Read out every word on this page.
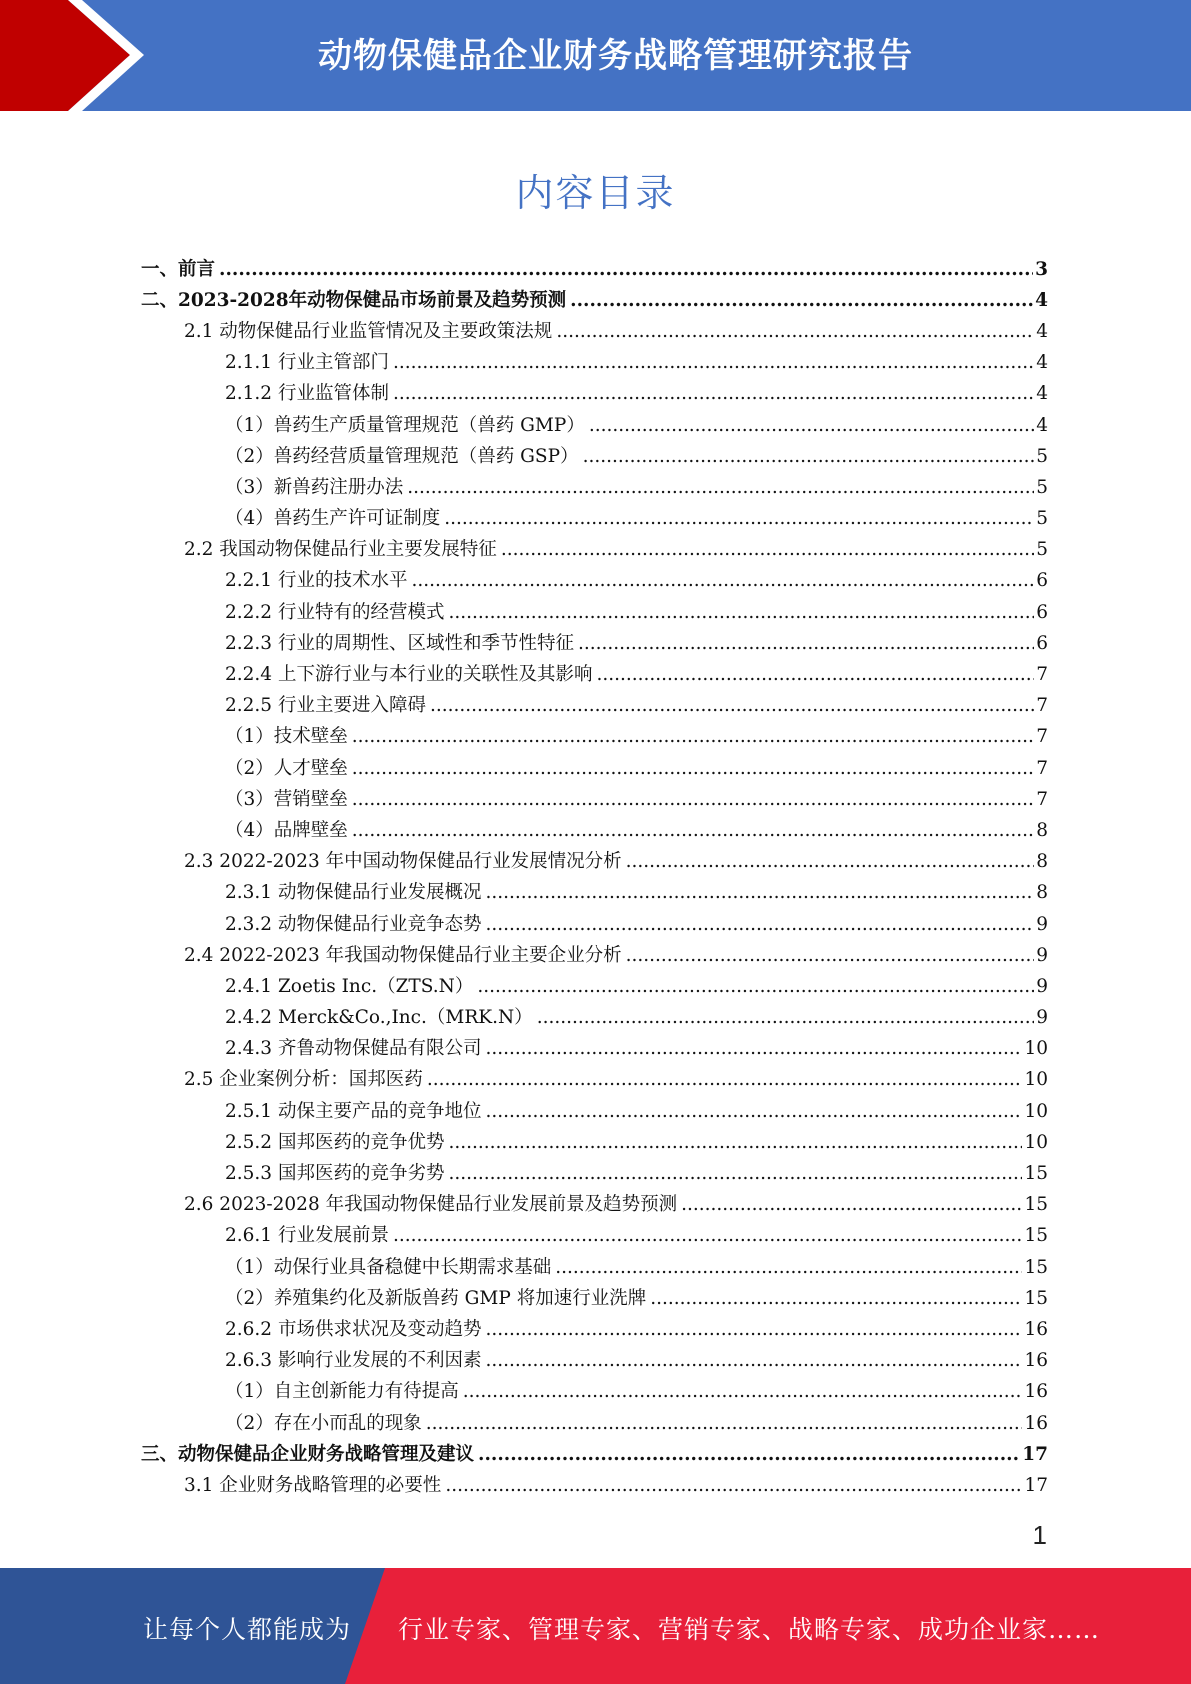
动物保健品企业财务战略管理研究报告
内容目录
一、前言 .....	3
二、2023-2028年动物保健品市场前景及趋势预测 .....	4
2.1 动物保健品行业监管情况及主要政策法规 .....	4
2.1.1 行业主管部门 .....	4
2.1.2 行业监管体制 .....	4
（1）兽药生产质量管理规范（兽药 GMP） .....	4
（2）兽药经营质量管理规范（兽药 GSP） .....	5
（3）新兽药注册办法 .....	5
（4）兽药生产许可证制度 .....	5
2.2 我国动物保健品行业主要发展特征 .....	5
2.2.1 行业的技术水平 .....	6
2.2.2 行业特有的经营模式 .....	6
2.2.3 行业的周期性、区域性和季节性特征 .....	6
2.2.4 上下游行业与本行业的关联性及其影响 .....	7
2.2.5 行业主要进入障碍 .....	7
（1）技术壁垒 .....	7
（2）人才壁垒 .....	7
（3）营销壁垒 .....	7
（4）品牌壁垒 .....	8
2.3 2022-2023 年中国动物保健品行业发展情况分析 .....	8
2.3.1 动物保健品行业发展概况 .....	8
2.3.2 动物保健品行业竞争态势 .....	9
2.4 2022-2023 年我国动物保健品行业主要企业分析 .....	9
2.4.1 Zoetis Inc.（ZTS.N） .....	9
2.4.2 Merck&Co.,Inc.（MRK.N） .....	9
2.4.3 齐鲁动物保健品有限公司 .....	10
2.5 企业案例分析：国邦医药 .....	10
2.5.1 动保主要产品的竞争地位 .....	10
2.5.2 国邦医药的竞争优势 .....	10
2.5.3 国邦医药的竞争劣势 .....	15
2.6 2023-2028 年我国动物保健品行业发展前景及趋势预测 .....	15
2.6.1 行业发展前景 .....	15
（1）动保行业具备稳健中长期需求基础 .....	15
（2）养殖集约化及新版兽药 GMP 将加速行业洗牌 .....	15
2.6.2 市场供求状况及变动趋势 .....	16
2.6.3 影响行业发展的不利因素 .....	16
（1）自主创新能力有待提高 .....	16
（2）存在小而乱的现象 .....	16
三、动物保健品企业财务战略管理及建议 .....	17
3.1 企业财务战略管理的必要性 .....	17
1
让每个人都能成为 行业专家、管理专家、营销专家、战略专家、成功企业家……
